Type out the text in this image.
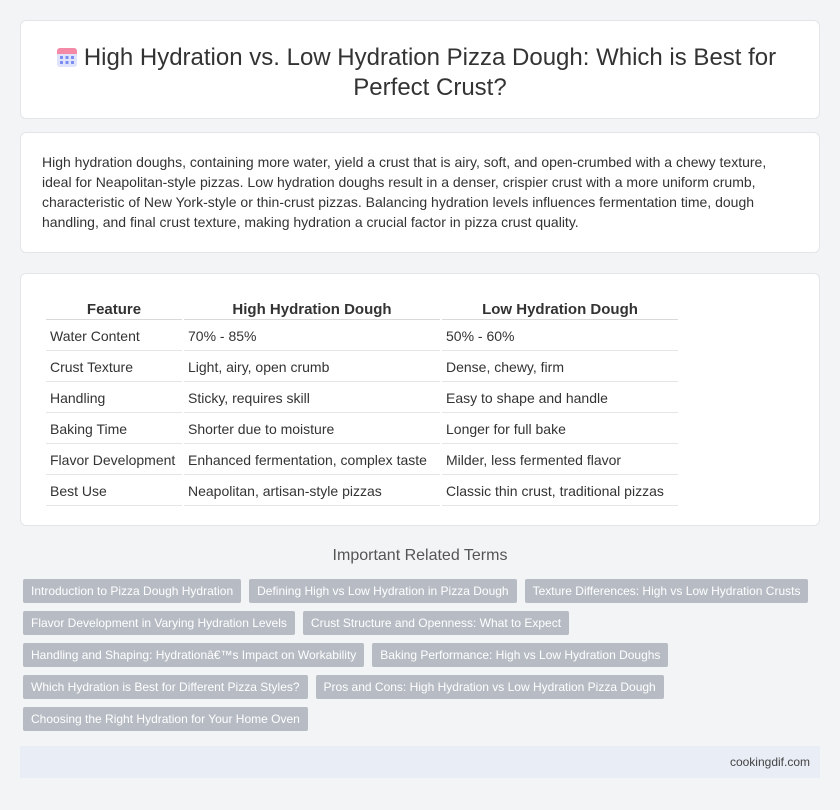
High Hydration vs. Low Hydration Pizza Dough: Which is Best for Perfect Crust?

High hydration doughs, containing more water, yield a crust that is airy, soft, and open-crumbed with a chewy texture, ideal for Neapolitan-style pizzas. Low hydration doughs result in a denser, crispier crust with a more uniform crumb, characteristic of New York-style or thin-crust pizzas. Balancing hydration levels influences fermentation time, dough handling, and final crust texture, making hydration a crucial factor in pizza crust quality.

Feature	High Hydration Dough	Low Hydration Dough
Water Content	70% - 85%	50% - 60%
Crust Texture	Light, airy, open crumb	Dense, chewy, firm
Handling	Sticky, requires skill	Easy to shape and handle
Baking Time	Shorter due to moisture	Longer for full bake
Flavor Development	Enhanced fermentation, complex taste	Milder, less fermented flavor
Best Use	Neapolitan, artisan-style pizzas	Classic thin crust, traditional pizzas
Important Related Terms
Introduction to Pizza Dough Hydration	Defining High vs Low Hydration in Pizza Dough	Texture Differences: High vs Low Hydration Crusts
Flavor Development in Varying Hydration Levels	Crust Structure and Openness: What to Expect
Handling and Shaping: Hydrationâ€™s Impact on Workability	Baking Performance: High vs Low Hydration Doughs
Which Hydration is Best for Different Pizza Styles?	Pros and Cons: High Hydration vs Low Hydration Pizza Dough
Choosing the Right Hydration for Your Home Oven
cookingdif.com
